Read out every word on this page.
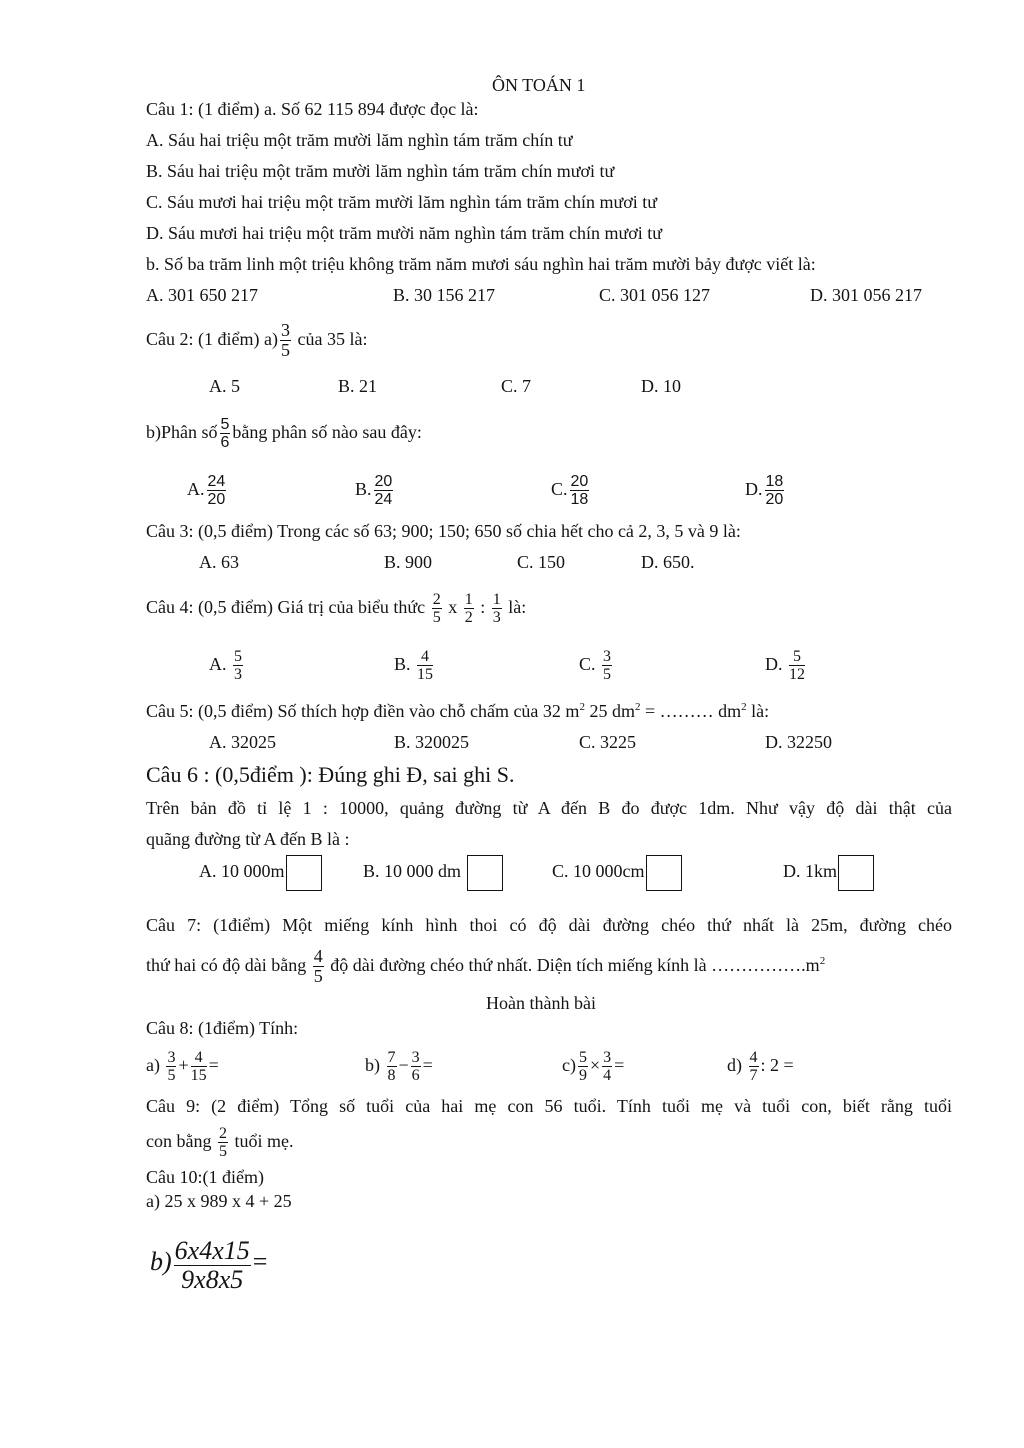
ÔN TOÁN 1
Câu 1: (1 điểm) a. Số 62 115 894 được đọc là:
A. Sáu hai triệu một trăm mười lăm nghìn tám trăm chín tư
B. Sáu hai triệu một trăm mười lăm nghìn tám trăm chín mươi tư
C. Sáu mươi hai triệu một trăm mười lăm nghìn tám trăm chín mươi tư
D. Sáu mươi hai triệu một trăm mười năm nghìn tám trăm chín mươi tư
b. Số ba trăm linh một triệu không trăm năm mươi sáu nghìn hai trăm mười bảy được viết là:
A. 301 650 217	B. 30 156 217	C. 301 056 127	D. 301 056 217
Câu 2: (1 điểm) $a) \frac{3}{5}$ của 35 là:
A. 5	B. 21	C. 7	D. 10
b)Phân số $\frac{5}{6}$ bằng phân số nào sau đây:
A. $\frac{24}{20}$	B. $\frac{20}{24}$	C. $\frac{20}{18}$	D. $\frac{18}{20}$
Câu 3: (0,5 điểm) Trong các số 63; 900; 150; 650 số chia hết cho cả 2, 3, 5 và 9 là:
A. 63	B. 900	C. 150	D. 650.
Câu 4: (0,5 điểm) Giá trị của biểu thức $\frac{2}{5}$ x $\frac{1}{2}$ : $\frac{1}{3}$ là:
A. $\frac{5}{3}$	B. $\frac{4}{15}$	C. $\frac{3}{5}$	D. $\frac{5}{12}$
Câu 5: (0,5 điểm) Số thích hợp điền vào chỗ chấm của 32 $m^2$ 25 $dm^2$ = ……… $dm^2$ là:
A. 32025	B. 320025	C. 3225	D. 32250
Câu 6 : (0,5điểm ): Đúng ghi Đ, sai ghi S.
Trên bản đồ tỉ lệ 1 : 10000, quảng đường từ A đến B đo được 1dm. Như vậy độ dài thật của
quãng đường từ A đến B là :
A. 10 000m	B. 10 000 dm	C. 10 000cm	D. 1km
Câu 7: (1điểm) Một miếng kính hình thoi có độ dài đường chéo thứ nhất là 25m, đường chéo
thứ hai có độ dài bằng $\frac{4}{5}$ độ dài đường chéo thứ nhất. Diện tích miếng kính là $\dots\dots\dots\dots\dots.m^2$
Hoàn thành bài
Câu 8: (1điểm) Tính:
$a) \frac{3}{5} + \frac{4}{15}$ =	$b) \frac{7}{8} - \frac{3}{6}$ =	$c) \frac{5}{9} \times \frac{3}{4}$ =	$d) \frac{4}{7}$ : 2 =
Câu 9: (2 điểm) Tổng số tuổi của hai mẹ con 56 tuổi. Tính tuổi mẹ và tuổi con, biết rằng tuổi
con bằng $\frac{2}{5}$ tuổi mẹ.
Câu 10:(1 điểm)
a) 25 x 989 x 4 + 25
$b) \frac{6x4x15}{9x8x5}$ =
